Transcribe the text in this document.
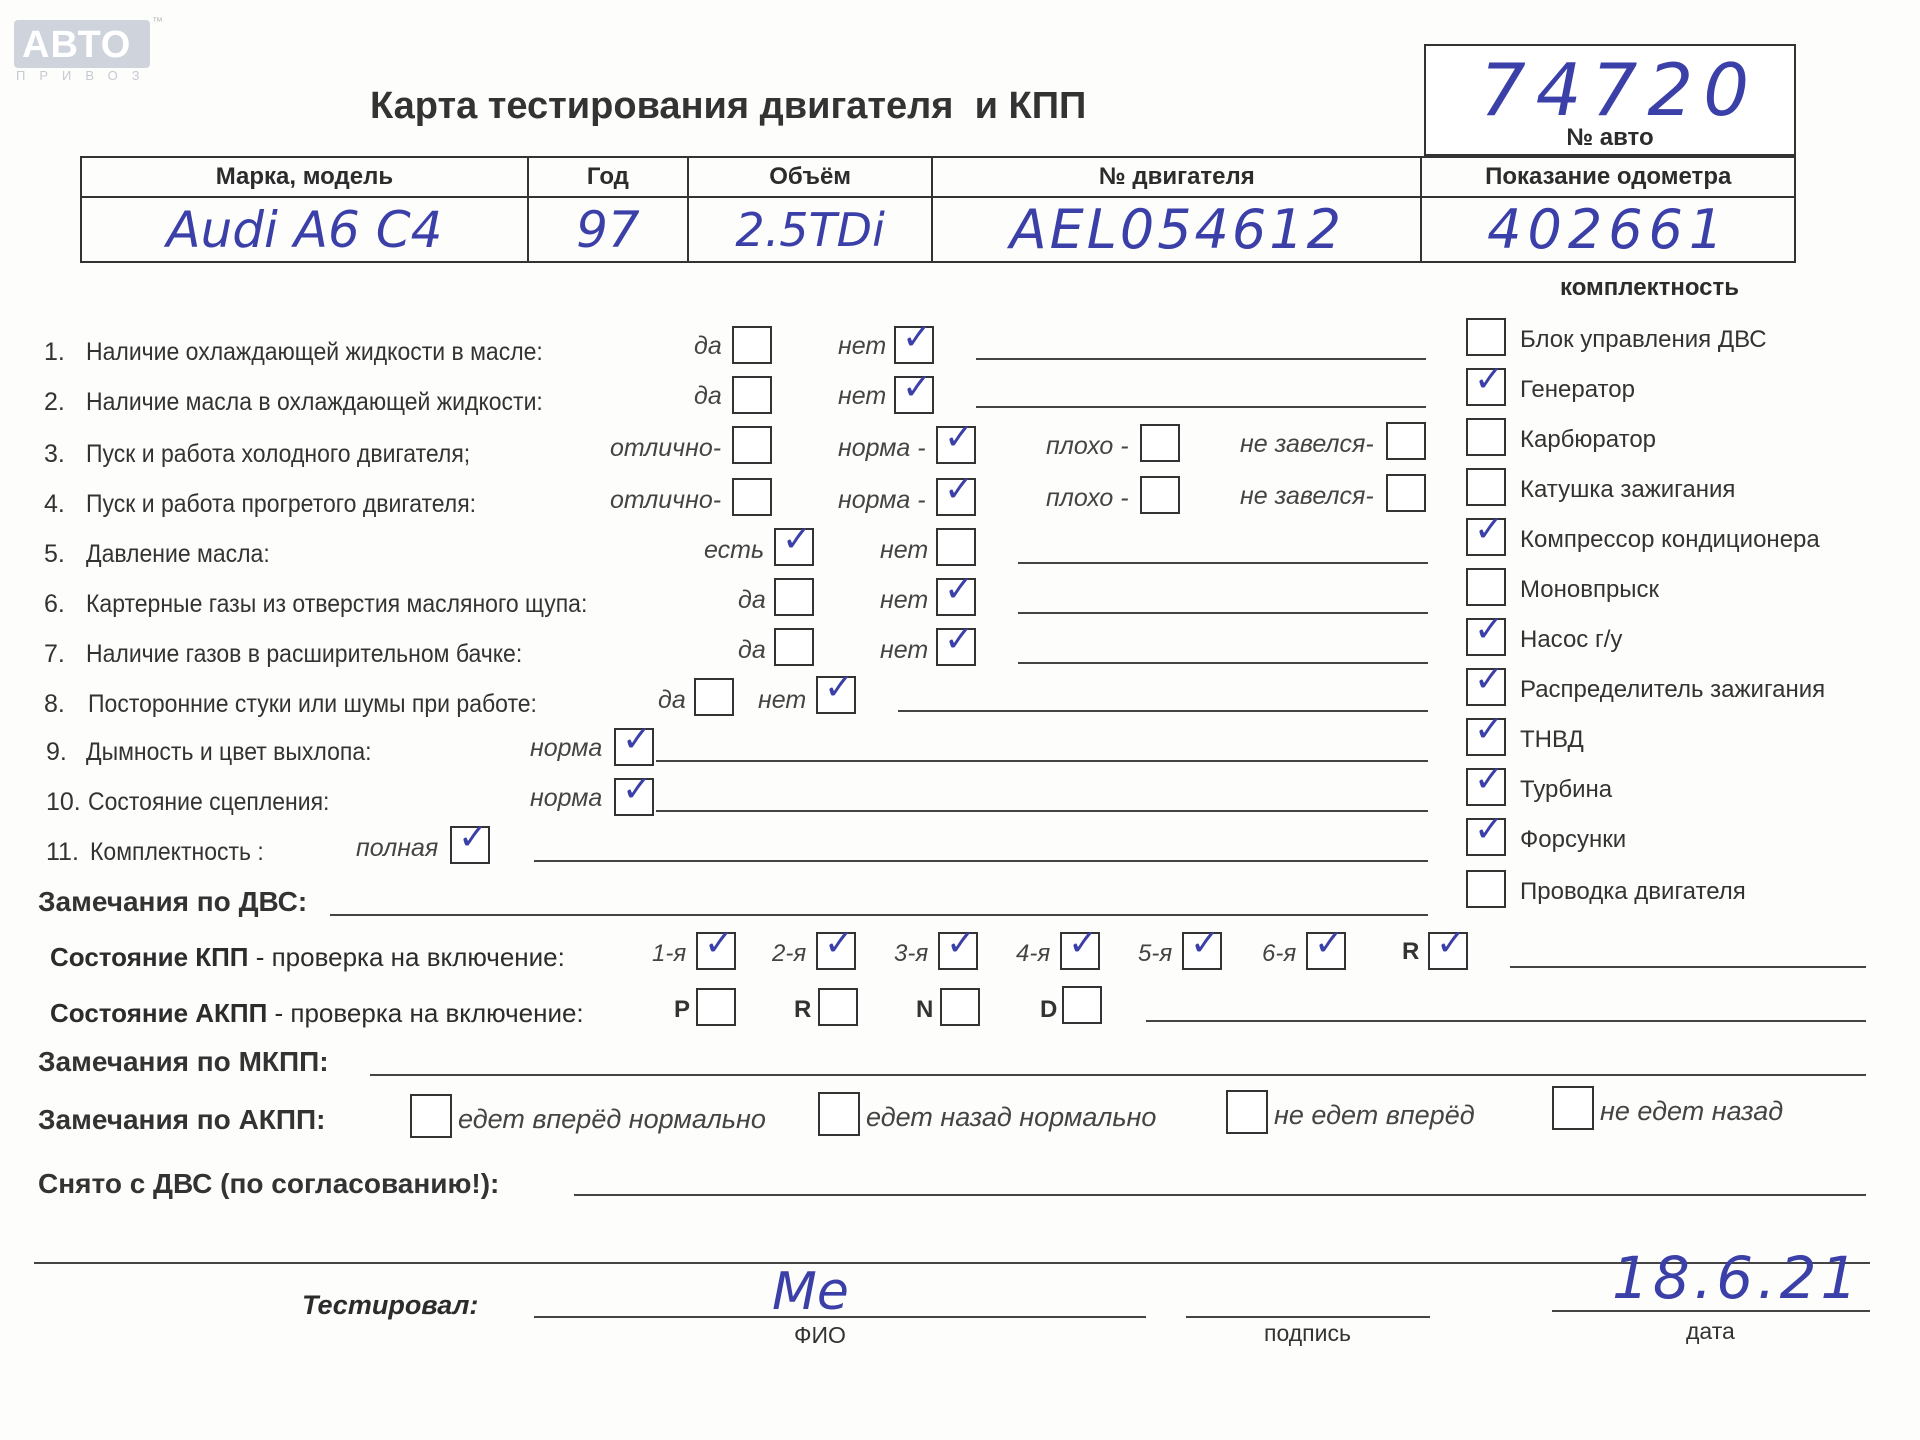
АВТО
™
ПРИВОЗ
Карта тестирования двигателя  и КПП	74720
№ авто
Марка, модель	Год	Объём	№ двигателя	Показание одометра
Audi A6 C4	97	2.5TDi	AEL054612	402661
комплектность
Блок управления ДВС
✓ Генератор
Карбюратор
Катушка зажигания
✓ Компрессор кондиционера
Моновпрыск
✓ Насос г/у
✓ Распределитель зажигания
✓ ТНВД
✓ Турбина
✓ Форсунки
Проводка двигателя
1. Наличие охлаждающей жидкости в масле:	да	нет ✓
2. Наличие масла в охлаждающей жидкости:	да	нет ✓
3. Пуск и работа холодного двигателя;	отлично-	норма - ✓	плохо -	не завелся-
4. Пуск и работа прогретого двигателя:	отлично-	норма - ✓	плохо -	не завелся-
5. Давление масла:	есть ✓	нет
6. Картерные газы из отверстия масляного щупа:	да	нет ✓
7. Наличие газов в расширительном бачке:	да	нет ✓
8. Посторонние стуки или шумы при работе:	да	нет ✓
9. Дымность и цвет выхлопа:	норма ✓
10. Состояние сцепления:	норма ✓
11. Комплектность :	полная ✓
Замечания по ДВС:
Состояние КПП - проверка на включение:	1-я ✓ 2-я ✓ 3-я ✓ 4-я ✓ 5-я ✓ 6-я ✓ R ✓
Состояние АКПП - проверка на включение:	P	R	N	D
Замечания по МКПП:
Замечания по АКПП:	едет вперёд нормально	едет назад нормально	не едет вперёд	не едет назад
Снято с ДВС (по согласованию!):
Тестировал:	Ме
ФИО	подпись
18.6.21
дата
